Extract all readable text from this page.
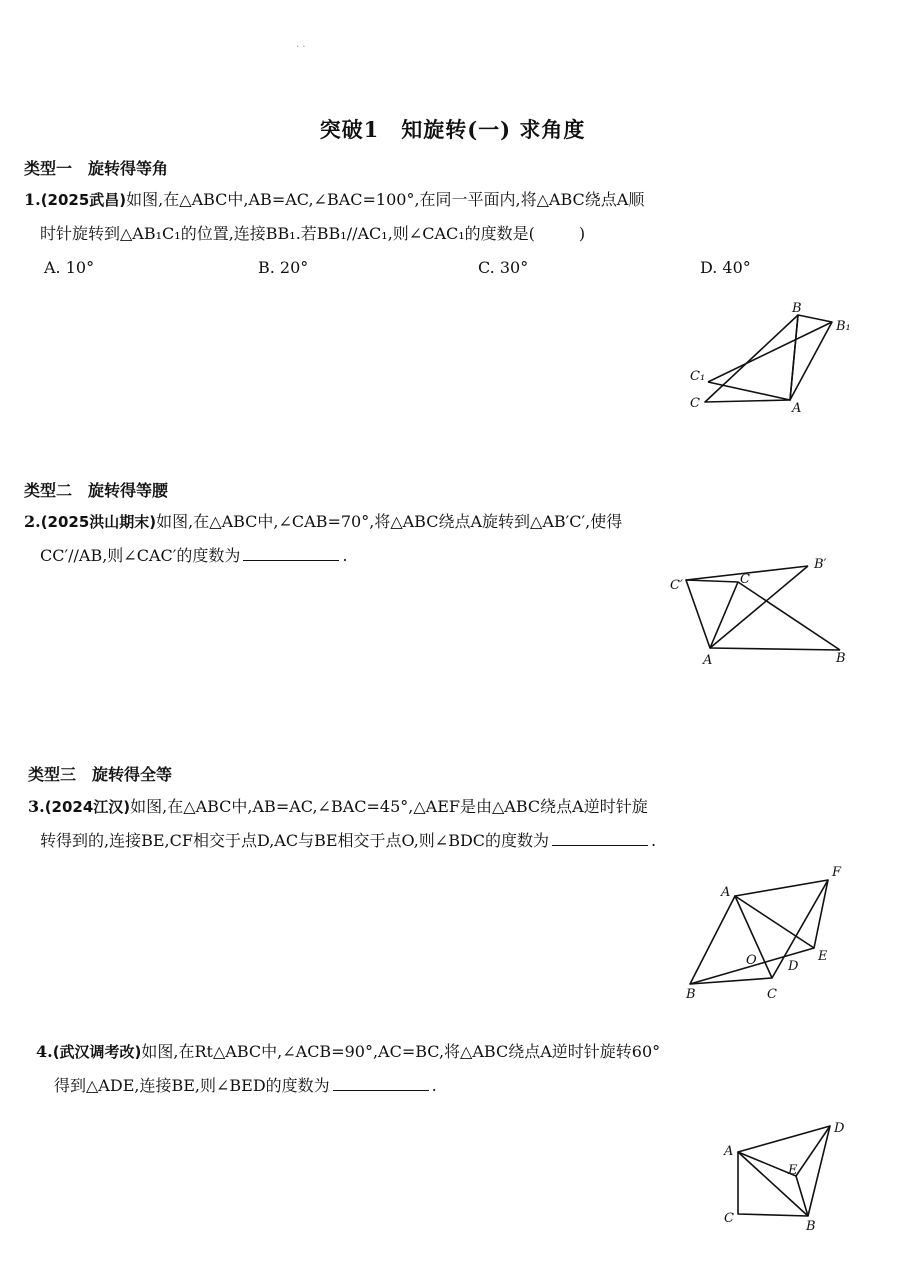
· ·
突破1　知旋转(一) 求角度
类型一　旋转得等角
1.(2025武昌)如图,在△ABC中,AB=AC,∠BAC=100°,在同一平面内,将△ABC绕点A顺
时针旋转到△AB₁C₁的位置,连接BB₁.若BB₁//AC₁,则∠CAC₁的度数是(	)
A. 10°	B. 20°	C. 30°	D. 40°
B
B₁
C₁
C	A
C′	C
B′
A	B
A
F
E
O D
B	C
A
D
E
C
B
类型二　旋转得等腰
2.(2025洪山期末)如图,在△ABC中,∠CAB=70°,将△ABC绕点A旋转到△AB′C′,使得
CC′//AB,则∠CAC′的度数为	.
类型三　旋转得全等
3.(2024江汉)如图,在△ABC中,AB=AC,∠BAC=45°,△AEF是由△ABC绕点A逆时针旋
转得到的,连接BE,CF相交于点D,AC与BE相交于点O,则∠BDC的度数为	.
4.(武汉调考改)如图,在Rt△ABC中,∠ACB=90°,AC=BC,将△ABC绕点A逆时针旋转60°
得到△ADE,连接BE,则∠BED的度数为	.
